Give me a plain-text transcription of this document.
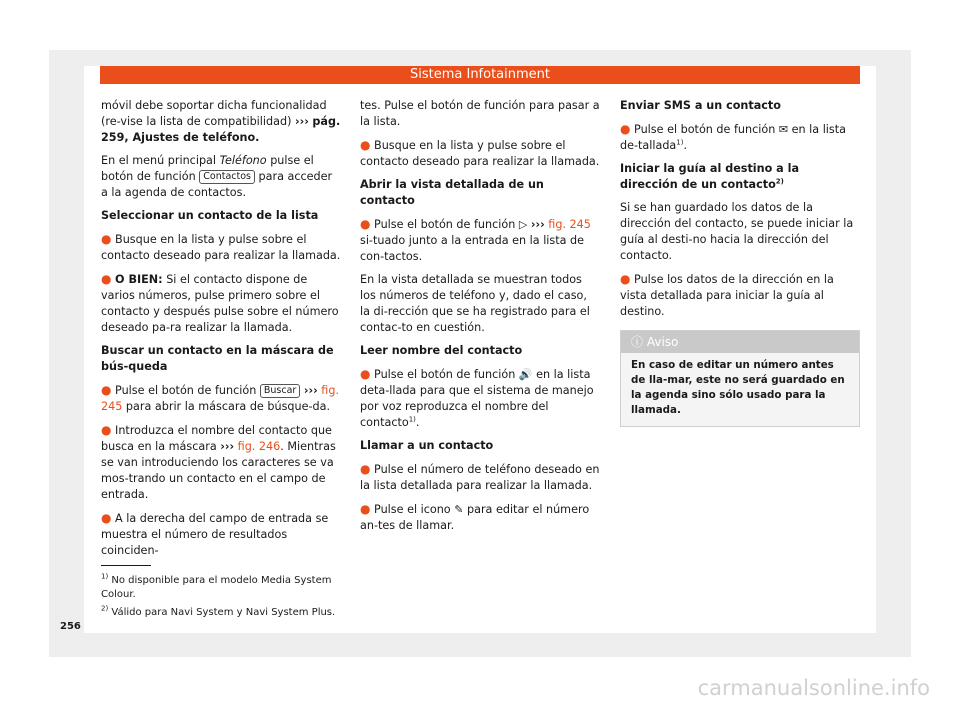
Sistema Infotainment

móvil debe soportar dicha funcionalidad (re-vise la lista de compatibilidad) ››› pág. 259, Ajustes de teléfono.

En el menú principal Teléfono pulse el botón de función Contactos para acceder a la agenda de contactos.

Seleccionar un contacto de la lista

● Busque en la lista y pulse sobre el contacto deseado para realizar la llamada.

● O BIEN: Si el contacto dispone de varios números, pulse primero sobre el contacto y después pulse sobre el número deseado pa-ra realizar la llamada.

Buscar un contacto en la máscara de bús-queda

● Pulse el botón de función Buscar ››› fig. 245 para abrir la máscara de búsque-da.

● Introduzca el nombre del contacto que busca en la máscara ››› fig. 246. Mientras se van introduciendo los caracteres se va mos-trando un contacto en el campo de entrada.

● A la derecha del campo de entrada se muestra el número de resultados coinciden-

tes. Pulse el botón de función para pasar a la lista.

● Busque en la lista y pulse sobre el contacto deseado para realizar la llamada.

Abrir la vista detallada de un contacto

● Pulse el botón de función ▷ ››› fig. 245 si-tuado junto a la entrada en la lista de con-tactos.

En la vista detallada se muestran todos los números de teléfono y, dado el caso, la di-rección que se ha registrado para el contac-to en cuestión.

Leer nombre del contacto

● Pulse el botón de función 🔊 en la lista deta-llada para que el sistema de manejo por voz reproduzca el nombre del contacto$^{1)}$.

Llamar a un contacto

● Pulse el número de teléfono deseado en la lista detallada para realizar la llamada.

● Pulse el icono ✎ para editar el número an-tes de llamar.

Enviar SMS a un contacto

● Pulse el botón de función ✉ en la lista de-tallada$^{1)}$.

Iniciar la guía al destino a la dirección de un contacto$^{2)}$

Si se han guardado los datos de la dirección del contacto, se puede iniciar la guía al desti-no hacia la dirección del contacto.

● Pulse los datos de la dirección en la vista detallada para iniciar la guía al destino.

ⓘ Aviso
En caso de editar un número antes de lla-mar, este no será guardado en la agenda sino sólo usado para la llamada.
$^{1)}$ No disponible para el modelo Media System Colour.
$^{2)}$ Válido para Navi System y Navi System Plus.
256
carmanualsonline.info
